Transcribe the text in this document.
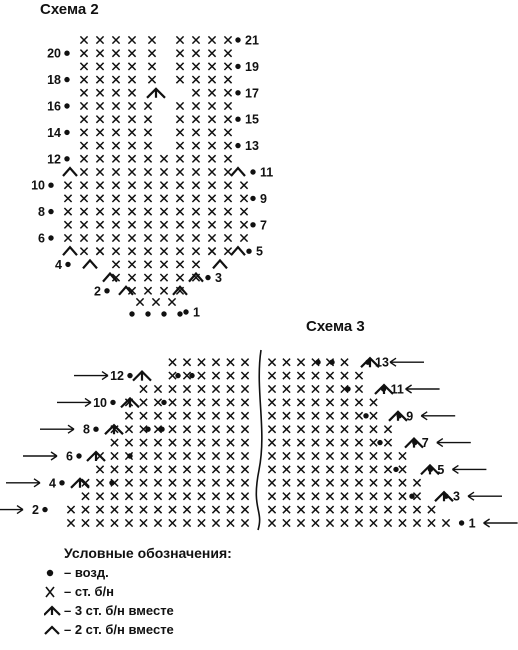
Схема 2
Схема 3
20
18
16
14
12
10
8
6
4
2
21
19
17
15
13
11
9
7
5
3
1
12
10
8
6
4
2
13
11
9
7
5
3
1
Условные обозначения:
– возд.
– ст. б/н
– 3 ст. б/н вместе
– 2 ст. б/н вместе
